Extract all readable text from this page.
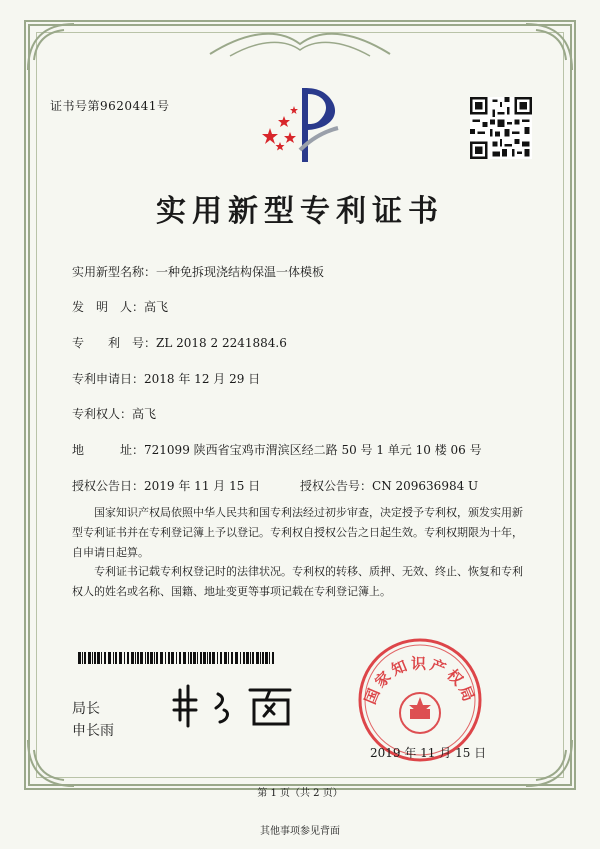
证书号第9620441号
实用新型专利证书
实用新型名称：一种免拆现浇结构保温一体模板
发　明　人：高飞
专　　利　号：ZL 2018 2 2241884.6
专利申请日：2018 年 12 月 29 日
专利权人：高飞
地　　　址：721099 陕西省宝鸡市渭滨区经二路 50 号 1 单元 10 楼 06 号
授权公告日：2019 年 11 月 15 日	授权公告号：CN 209636984 U
国家知识产权局依照中华人民共和国专利法经过初步审查，决定授予专利权，颁发实用新型专利证书并在专利登记簿上予以登记。专利权自授权公告之日起生效。专利权期限为十年，自申请日起算。
专利证书记载专利权登记时的法律状况。专利权的转移、质押、无效、终止、恢复和专利权人的姓名或名称、国籍、地址变更等事项记载在专利登记簿上。
局长
申长雨
国家知识产权局
2019 年 11 月 15 日
第 1 页（共 2 页）
其他事项参见背面
